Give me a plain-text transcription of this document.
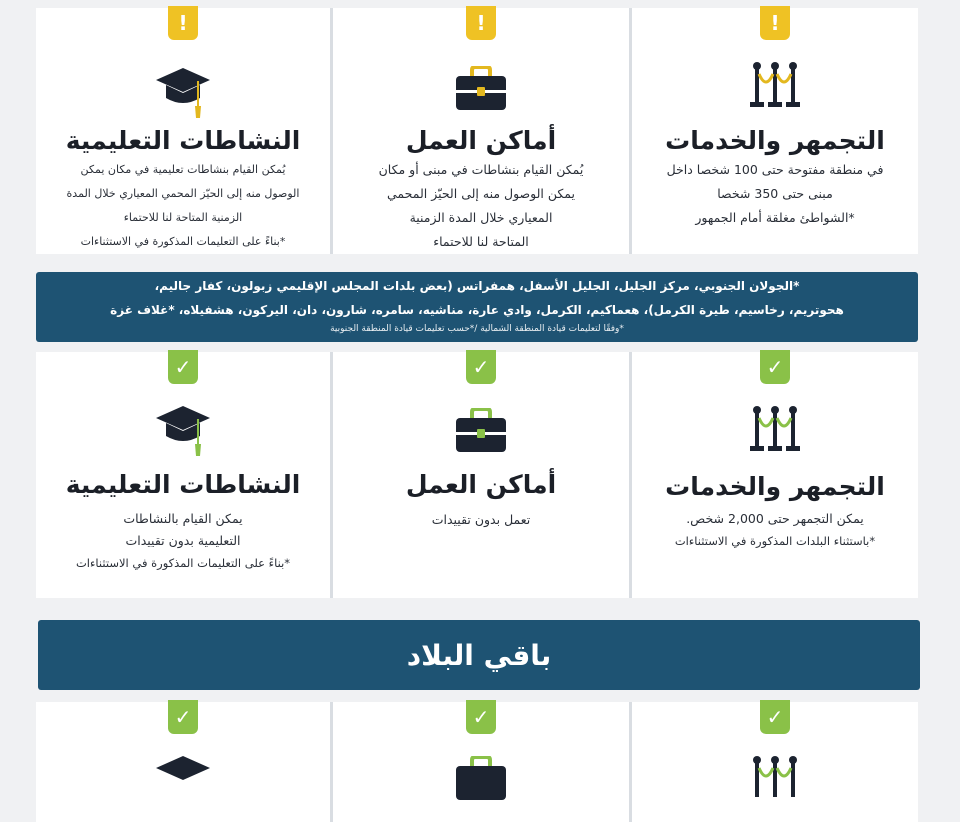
!
التجمهر والخدمات
في منطقة مفتوحة حتى 100 شخصا داخل
مبنى حتى 350 شخصا
*الشواطئ مغلقة أمام الجمهور
!
أماكن العمل
يُمكن القيام بنشاطات في مبنى أو مكان
يمكن الوصول منه إلى الحيّز المحمي
المعياري خلال المدة الزمنية
المتاحة لنا للاحتماء
!
النشاطات التعليمية
يُمكن القيام بنشاطات تعليمية في مكان يمكن
الوصول منه إلى الحيّز المحمي المعياري خلال المدة
الزمنية المتاحة لنا للاحتماء
*بناءً على التعليمات المذكورة في الاستثناءات
*الجولان الجنوبي، مركز الجليل، الجليل الأسفل، همفراتس (بعض بلدات المجلس الإقليمي زبولون، كفار جاليم،
هحوتريم، رخاسيم، طيرة الكرمل)، هعماكيم، الكرمل، وادي عارة، مناشيه، سامره، شارون، دان، اليركون، هشفيلاه، *غلاف غزة
*وفقًا لتعليمات قيادة المنطقة الشمالية /*حسب تعليمات قيادة المنطقة الجنوبية
✓
التجمهر والخدمات
يمكن التجمهر حتى 2,000 شخص.
*باستثناء البلدات المذكورة في الاستثناءات
✓
أماكن العمل
تعمل بدون تقييدات
✓
النشاطات التعليمية
يمكن القيام بالنشاطات
التعليمية بدون تقييدات
*بناءً على التعليمات المذكورة في الاستثناءات
باقي البلاد
✓
✓
✓
